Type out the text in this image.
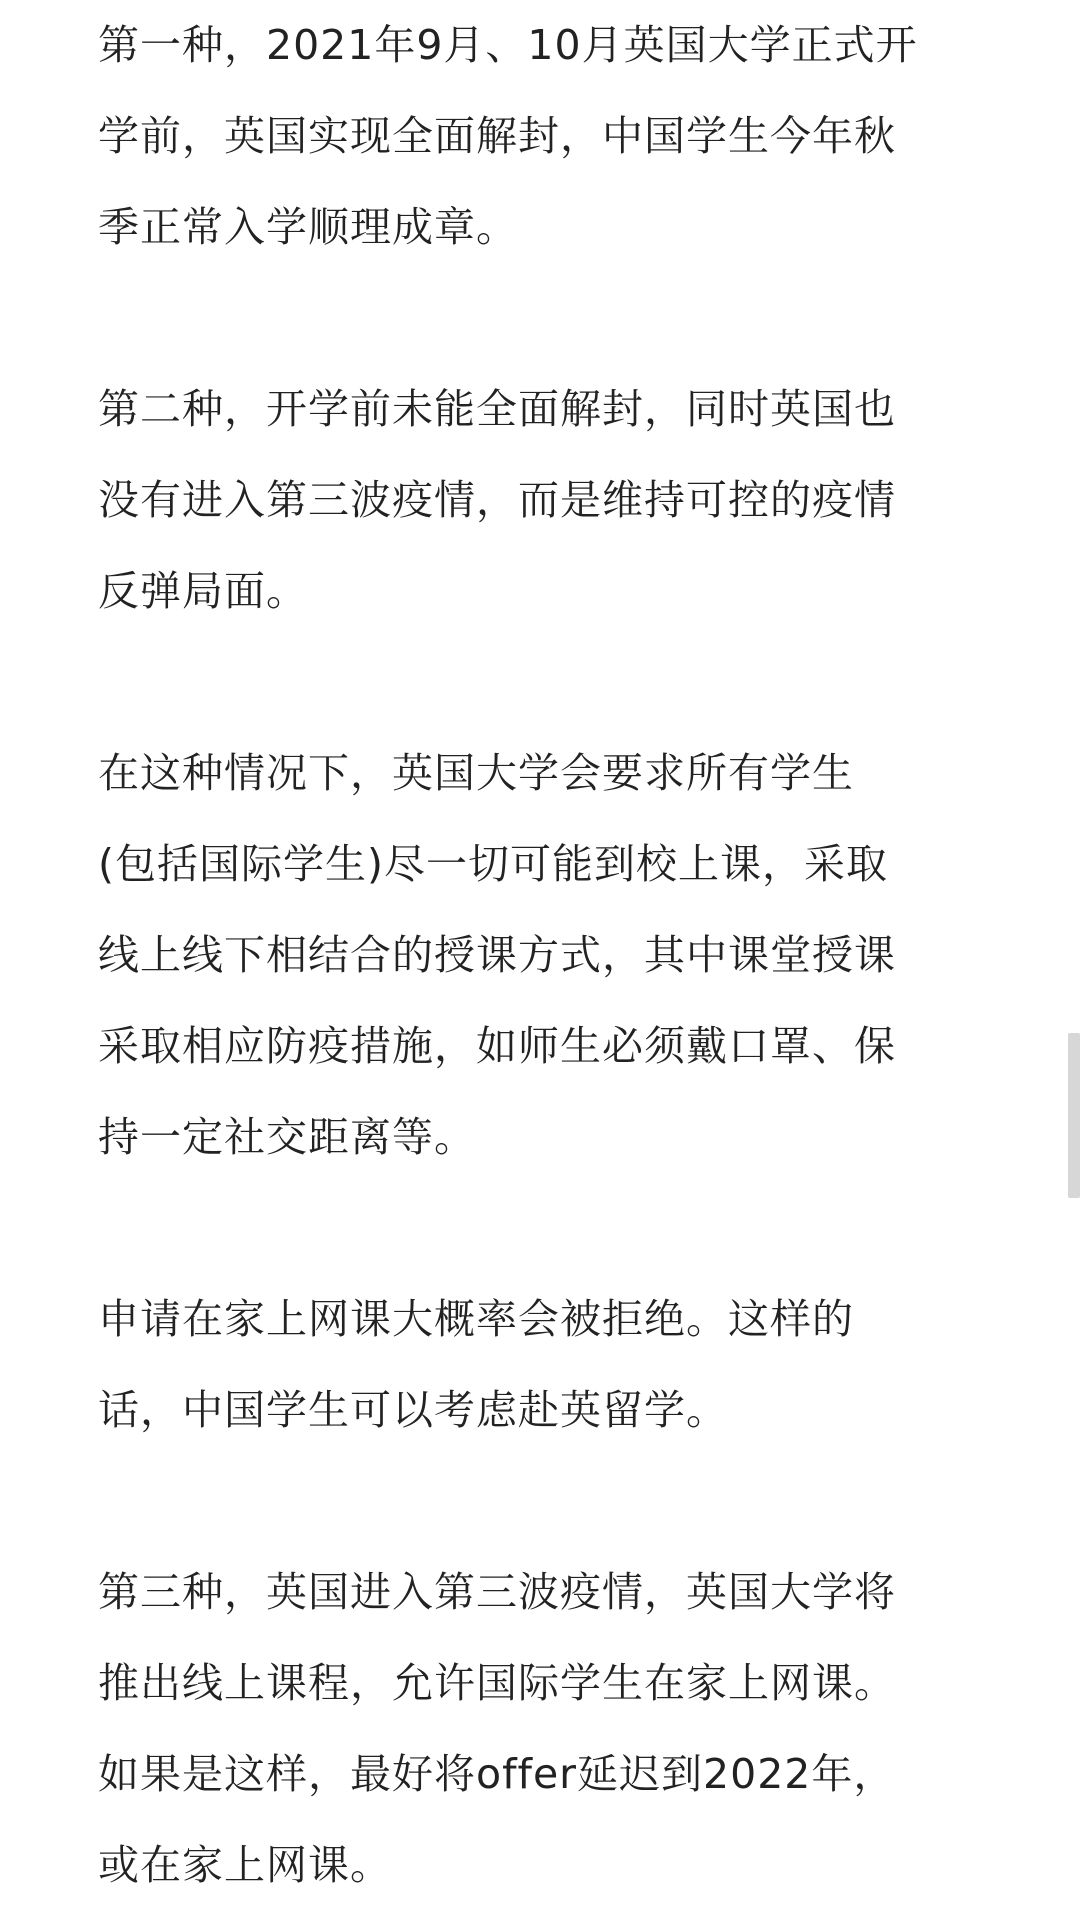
第一种，2021年9月、10月英国大学正式开
学前，英国实现全面解封，中国学生今年秋
季正常入学顺理成章。

第二种，开学前未能全面解封，同时英国也
没有进入第三波疫情，而是维持可控的疫情
反弹局面。

在这种情况下，英国大学会要求所有学生
(包括国际学生)尽一切可能到校上课，采取
线上线下相结合的授课方式，其中课堂授课
采取相应防疫措施，如师生必须戴口罩、保
持一定社交距离等。

申请在家上网课大概率会被拒绝。这样的
话，中国学生可以考虑赴英留学。

第三种，英国进入第三波疫情，英国大学将
推出线上课程，允许国际学生在家上网课。
如果是这样，最好将offer延迟到2022年，
或在家上网课。
